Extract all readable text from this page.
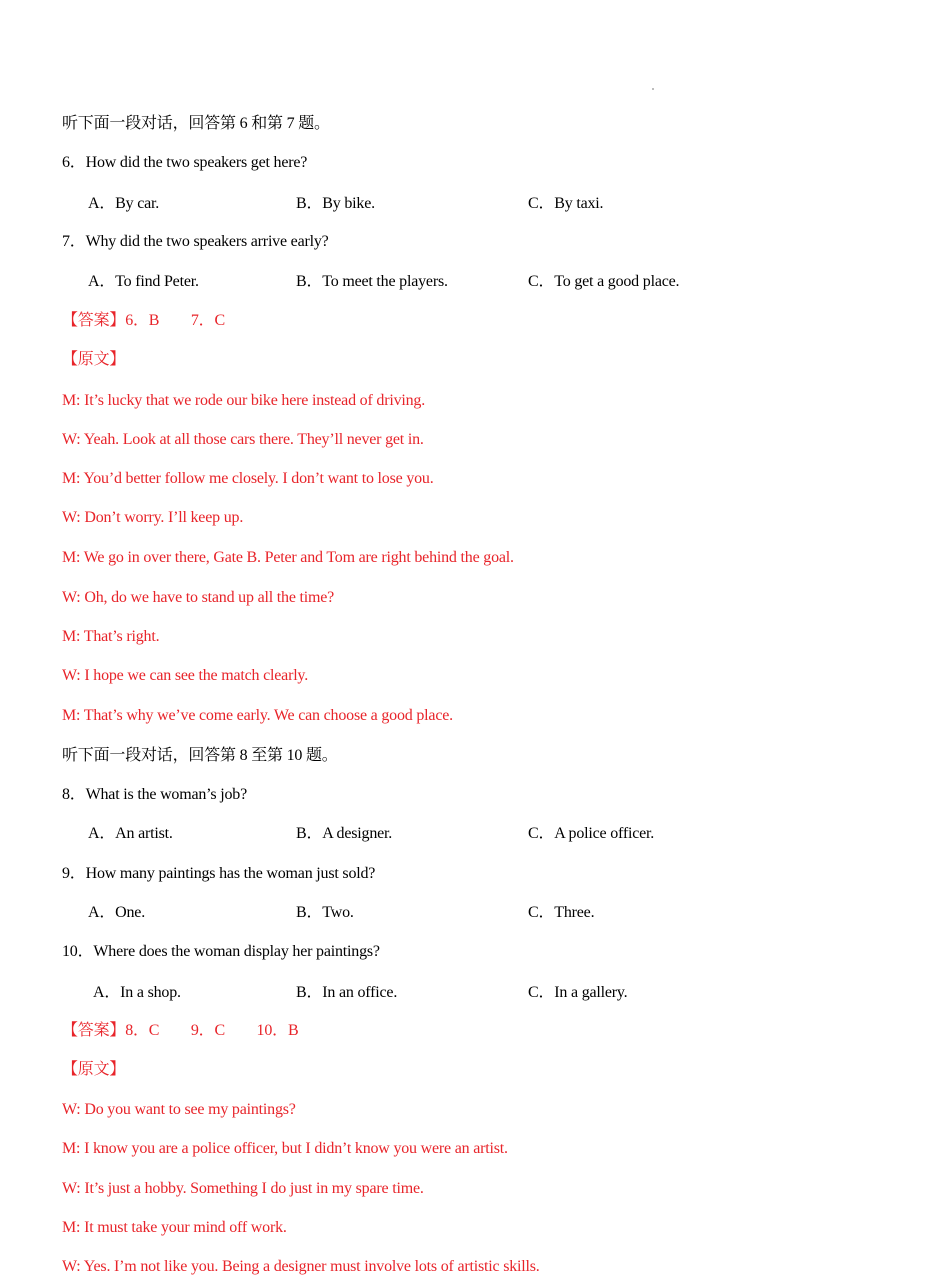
听下面一段对话，回答第 6 和第 7 题。
6．How did the two speakers get here?
A．By car.	B．By bike.	C．By taxi.
7．Why did the two speakers arrive early?
A．To find Peter.	B．To meet the players.	C．To get a good place.
【答案】6．B　　7．C
【原文】
M: It’s lucky that we rode our bike here instead of driving.
W: Yeah. Look at all those cars there. They’ll never get in.
M: You’d better follow me closely. I don’t want to lose you.
W: Don’t worry. I’ll keep up.
M: We go in over there, Gate B. Peter and Tom are right behind the goal.
W: Oh, do we have to stand up all the time?
M: That’s right.
W: I hope we can see the match clearly.
M: That’s why we’ve come early. We can choose a good place.
听下面一段对话，回答第 8 至第 10 题。
8．What is the woman’s job?
A．An artist.	B．A designer.	C．A police officer.
9．How many paintings has the woman just sold?
A．One.	B．Two.	C．Three.
10．Where does the woman display her paintings?
A．In a shop.	B．In an office.	C．In a gallery.
【答案】8．C　　9．C　　10．B
【原文】
W: Do you want to see my paintings?
M: I know you are a police officer, but I didn’t know you were an artist.
W: It’s just a hobby. Something I do just in my spare time.
M: It must take your mind off work.
W: Yes. I’m not like you. Being a designer must involve lots of artistic skills.
